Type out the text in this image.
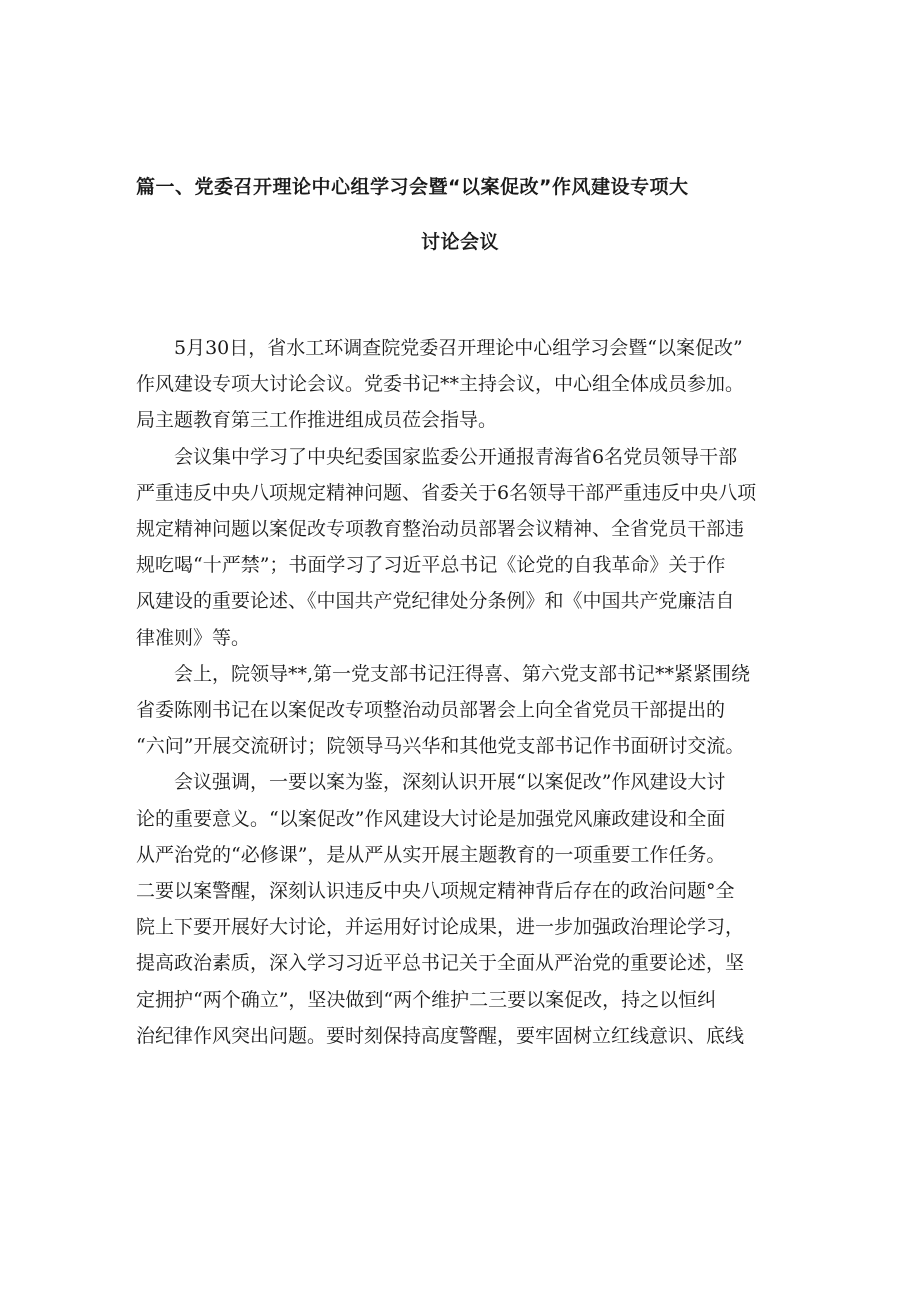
篇一、党委召开理论中心组学习会暨“以案促改”作风建设专项大
讨论会议

5月30日，省水工环调查院党委召开理论中心组学习会暨“以案促改”
作风建设专项大讨论会议。党委书记**主持会议，中心组全体成员参加。
局主题教育第三工作推进组成员莅会指导。

会议集中学习了中央纪委国家监委公开通报青海省6名党员领导干部
严重违反中央八项规定精神问题、省委关于6名领导干部严重违反中央八项
规定精神问题以案促改专项教育整治动员部署会议精神、全省党员干部违
规吃喝“十严禁”；书面学习了习近平总书记《论党的自我革命》关于作
风建设的重要论述、《中国共产党纪律处分条例》和《中国共产党廉洁自
律准则》等。

会上，院领导**,第一党支部书记汪得喜、第六党支部书记**紧紧围绕
省委陈刚书记在以案促改专项整治动员部署会上向全省党员干部提出的
“六问”开展交流研讨；院领导马兴华和其他党支部书记作书面研讨交流。

会议强调，一要以案为鉴，深刻认识开展“以案促改”作风建设大讨
论的重要意义。“以案促改”作风建设大讨论是加强党风廉政建设和全面
从严治党的“必修课”，是从严从实开展主题教育的一项重要工作任务。
二要以案警醒，深刻认识违反中央八项规定精神背后存在的政治问题°全
院上下要开展好大讨论，并运用好讨论成果，进一步加强政治理论学习，
提高政治素质，深入学习习近平总书记关于全面从严治党的重要论述，坚
定拥护“两个确立”，坚决做到“两个维护二三要以案促改，持之以恒纠
治纪律作风突出问题。要时刻保持高度警醒，要牢固树立红线意识、底线
